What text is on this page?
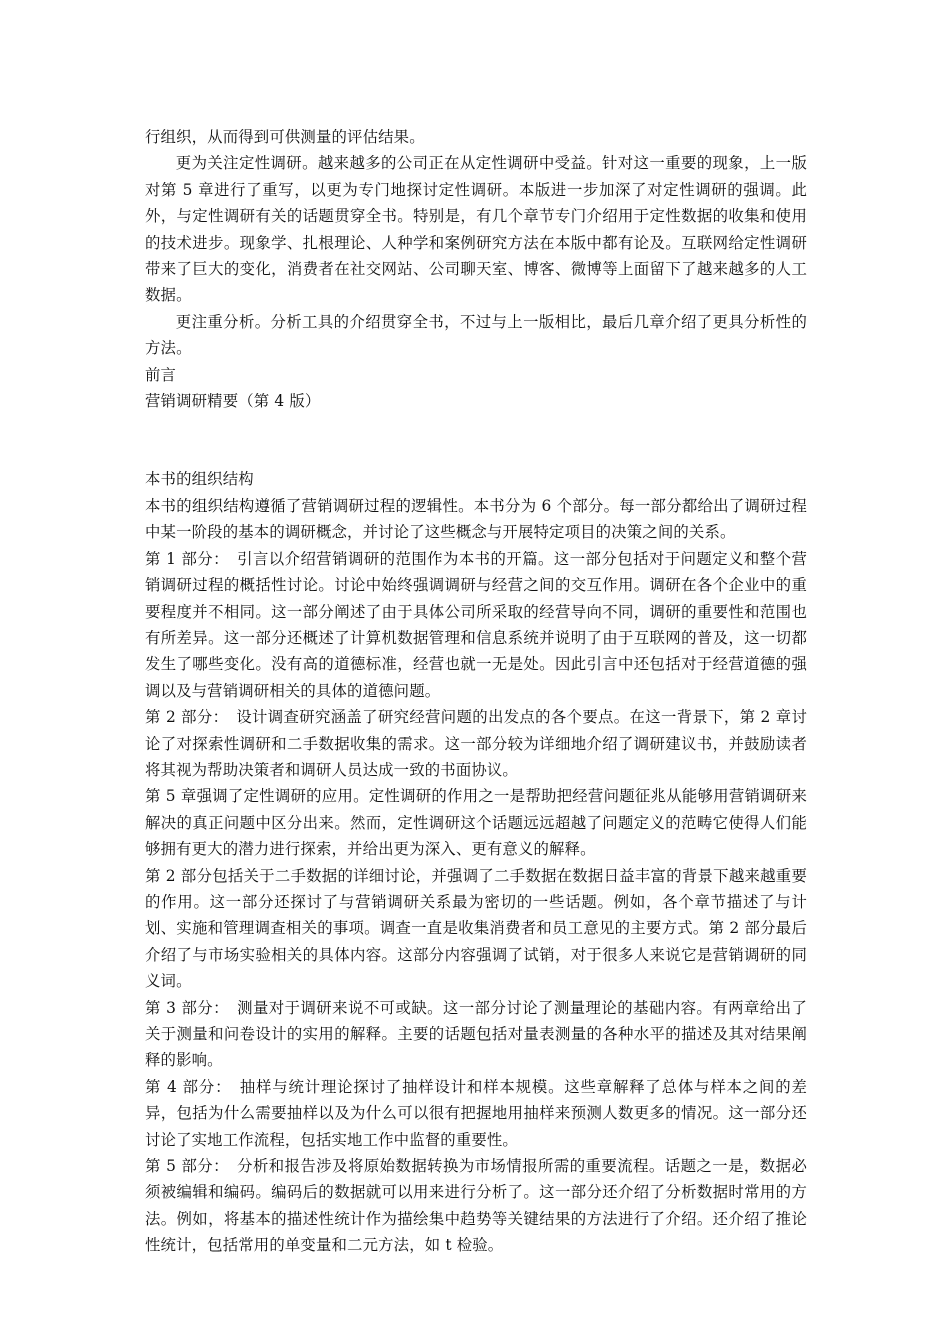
行组织，从而得到可供测量的评估结果。

更为关注定性调研。越来越多的公司正在从定性调研中受益。针对这一重要的现象，上一版对第 5 章进行了重写，以更为专门地探讨定性调研。本版进一步加深了对定性调研的强调。此外，与定性调研有关的话题贯穿全书。特别是，有几个章节专门介绍用于定性数据的收集和使用的技术进步。现象学、扎根理论、人种学和案例研究方法在本版中都有论及。互联网给定性调研带来了巨大的变化，消费者在社交网站、公司聊天室、博客、微博等上面留下了越来越多的人工数据。

更注重分析。分析工具的介绍贯穿全书，不过与上一版相比，最后几章介绍了更具分析性的方法。

前言

营销调研精要（第 4 版）

本书的组织结构

本书的组织结构遵循了营销调研过程的逻辑性。本书分为 6 个部分。每一部分都给出了调研过程中某一阶段的基本的调研概念，并讨论了这些概念与开展特定项目的决策之间的关系。

第 1 部分：　引言以介绍营销调研的范围作为本书的开篇。这一部分包括对于问题定义和整个营销调研过程的概括性讨论。讨论中始终强调调研与经营之间的交互作用。调研在各个企业中的重要程度并不相同。这一部分阐述了由于具体公司所采取的经营导向不同，调研的重要性和范围也有所差异。这一部分还概述了计算机数据管理和信息系统并说明了由于互联网的普及，这一切都发生了哪些变化。没有高的道德标准，经营也就一无是处。因此引言中还包括对于经营道德的强调以及与营销调研相关的具体的道德问题。

第 2 部分：　设计调查研究涵盖了研究经营问题的出发点的各个要点。在这一背景下，第 2 章讨论了对探索性调研和二手数据收集的需求。这一部分较为详细地介绍了调研建议书，并鼓励读者将其视为帮助决策者和调研人员达成一致的书面协议。

第 5 章强调了定性调研的应用。定性调研的作用之一是帮助把经营问题征兆从能够用营销调研来解决的真正问题中区分出来。然而，定性调研这个话题远远超越了问题定义的范畴它使得人们能够拥有更大的潜力进行探索，并给出更为深入、更有意义的解释。

第 2 部分包括关于二手数据的详细讨论，并强调了二手数据在数据日益丰富的背景下越来越重要的作用。这一部分还探讨了与营销调研关系最为密切的一些话题。例如，各个章节描述了与计划、实施和管理调查相关的事项。调查一直是收集消费者和员工意见的主要方式。第 2 部分最后介绍了与市场实验相关的具体内容。这部分内容强调了试销，对于很多人来说它是营销调研的同义词。

第 3 部分：　测量对于调研来说不可或缺。这一部分讨论了测量理论的基础内容。有两章给出了关于测量和问卷设计的实用的解释。主要的话题包括对量表测量的各种水平的描述及其对结果阐释的影响。

第 4 部分：　抽样与统计理论探讨了抽样设计和样本规模。这些章解释了总体与样本之间的差异，包括为什么需要抽样以及为什么可以很有把握地用抽样来预测人数更多的情况。这一部分还讨论了实地工作流程，包括实地工作中监督的重要性。

第 5 部分：　分析和报告涉及将原始数据转换为市场情报所需的重要流程。话题之一是，数据必须被编辑和编码。编码后的数据就可以用来进行分析了。这一部分还介绍了分析数据时常用的方法。例如，将基本的描述性统计作为描绘集中趋势等关键结果的方法进行了介绍。还介绍了推论性统计，包括常用的单变量和二元方法，如 t 检验。
